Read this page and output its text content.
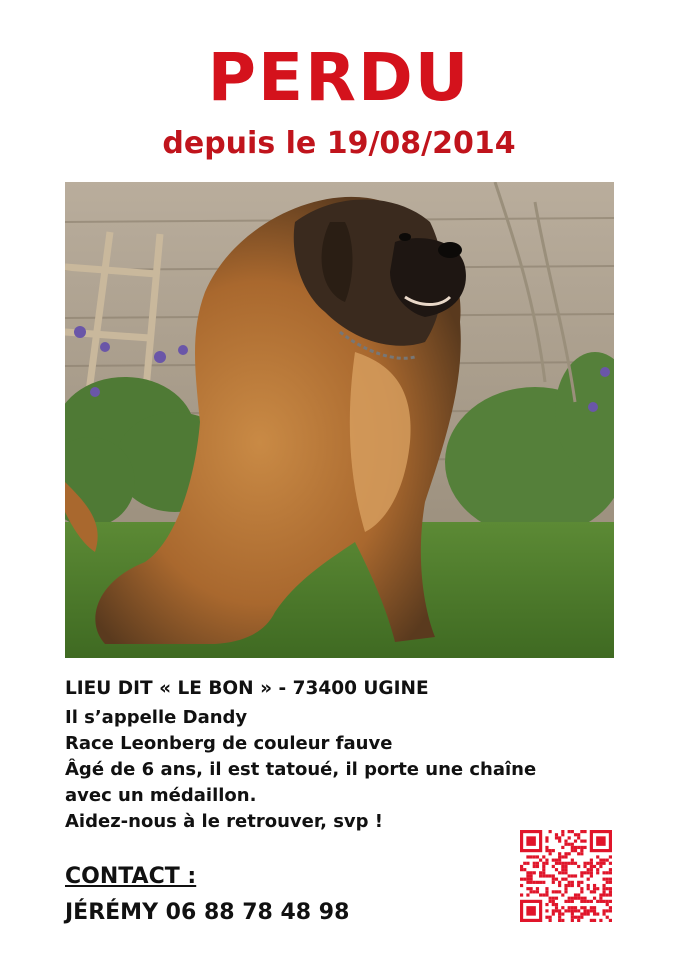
PERDU
depuis le 19/08/2014
LIEU DIT « LE BON » - 73400 UGINE
Il s’appelle Dandy
Race Leonberg de couleur fauve
Âgé de 6 ans, il est tatoué, il porte une chaîne
avec un médaillon.
Aidez-nous à le retrouver, svp !
CONTACT :
JÉRÉMY 06 88 78 48 98
